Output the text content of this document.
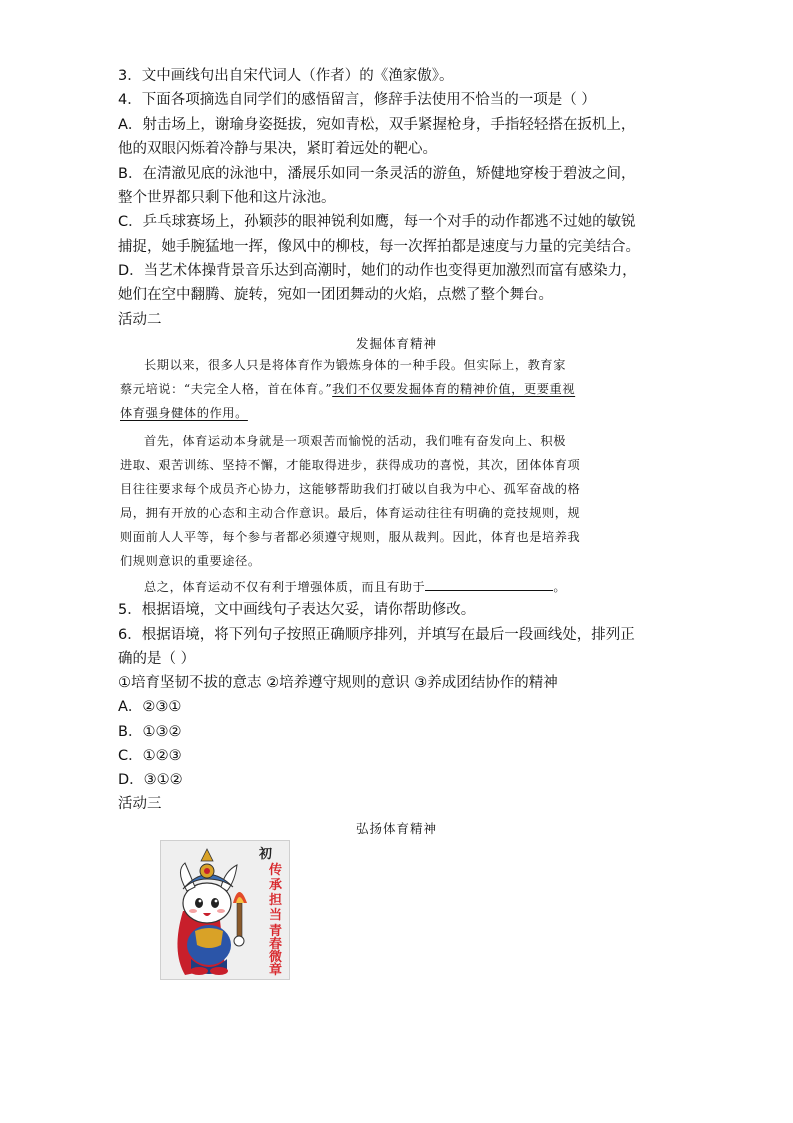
3．文中画线句出自宋代词人（作者）的《渔家傲》。
4．下面各项摘选自同学们的感悟留言，修辞手法使用不恰当的一项是（ ）
A．射击场上，谢瑜身姿挺拔，宛如青松，双手紧握枪身，手指轻轻搭在扳机上，
他的双眼闪烁着冷静与果决，紧盯着远处的靶心。
B．在清澈见底的泳池中，潘展乐如同一条灵活的游鱼，矫健地穿梭于碧波之间，
整个世界都只剩下他和这片泳池。
C．乒乓球赛场上，孙颖莎的眼神锐利如鹰，每一个对手的动作都逃不过她的敏锐
捕捉，她手腕猛地一挥，像风中的柳枝，每一次挥拍都是速度与力量的完美结合。
D．当艺术体操背景音乐达到高潮时，她们的动作也变得更加激烈而富有感染力，
她们在空中翻腾、旋转，宛如一团团舞动的火焰，点燃了整个舞台。
活动二
发掘体育精神
长期以来，很多人只是将体育作为锻炼身体的一种手段。但实际上，教育家
蔡元培说：“夫完全人格，首在体育。”我们不仅要发掘体育的精神价值，更要重视
体育强身健体的作用。
首先，体育运动本身就是一项艰苦而愉悦的活动，我们唯有奋发向上、积极
进取、艰苦训练、坚持不懈，才能取得进步，获得成功的喜悦，其次，团体体育项
目往往要求每个成员齐心协力，这能够帮助我们打破以自我为中心、孤军奋战的格
局，拥有开放的心态和主动合作意识。最后，体育运动往往有明确的竞技规则，规
则面前人人平等，每个参与者都必须遵守规则，服从裁判。因此，体育也是培养我
们规则意识的重要途径。
总之，体育运动不仅有利于增强体质，而且有助于	。
5．根据语境，文中画线句子表达欠妥，请你帮助修改。
6．根据语境，将下列句子按照正确顺序排列，并填写在最后一段画线处，排列正
确的是（ ）
①培育坚韧不拔的意志 ②培养遵守规则的意识 ③养成团结协作的精神
A．②③①
B．①③②
C．①②③
D．③①②
活动三
弘扬体育精神
初
传承担当
青春微章
